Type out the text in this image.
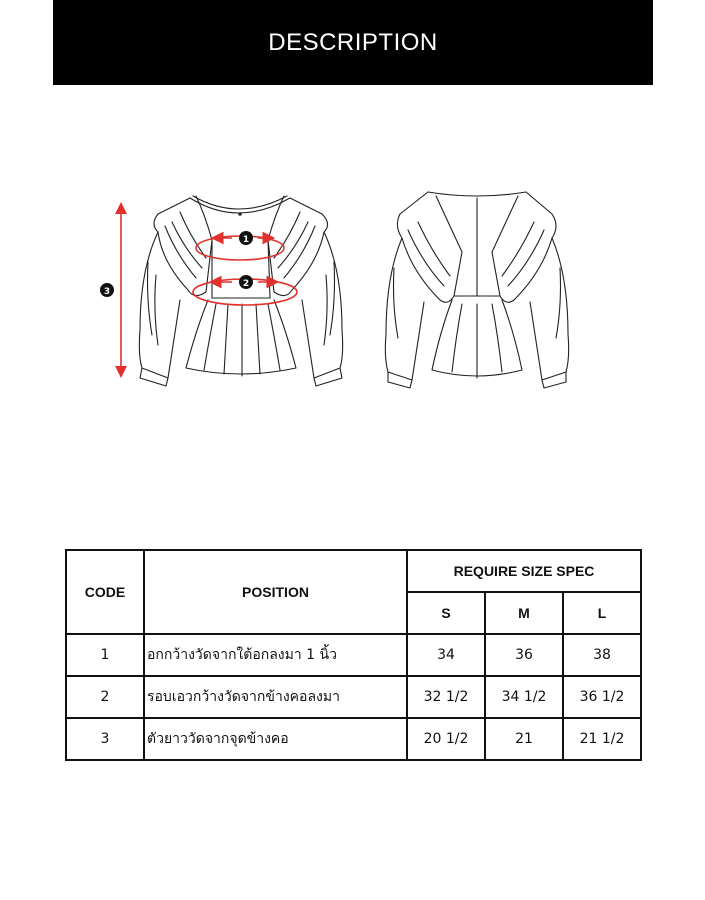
DESCRIPTION
1
2
3
CODE	POSITION	REQUIRE SIZE SPEC		
		S	M	L
1	อกกว้างวัดจากใต้อกลงมา 1 นิ้ว	34	36	38
2	รอบเอวกว้างวัดจากข้างคอลงมา	32 1/2	34 1/2	36 1/2
3	ตัวยาววัดจากจุดข้างคอ	20 1/2	21	21 1/2
